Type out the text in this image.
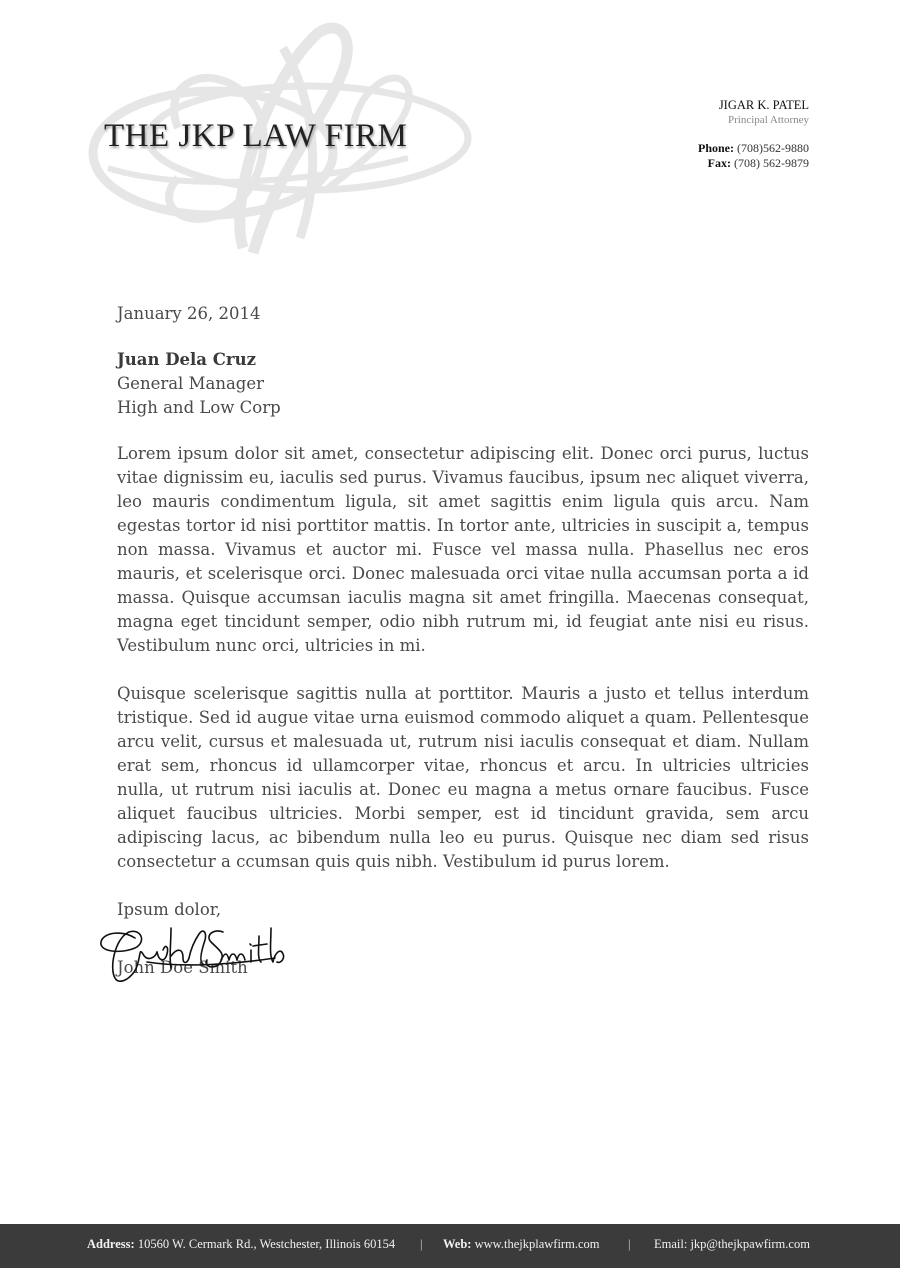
THE JKP LAW FIRM
JIGAR K. PATEL
Principal Attorney
Phone: (708)562-9880
Fax: (708) 562-9879

January 26, 2014

Juan Dela Cruz

General Manager

High and Low Corp

Lorem ipsum dolor sit amet, consectetur adipiscing elit. Donec orci purus, luctus vitae dignissim eu, iaculis sed purus. Vivamus faucibus, ipsum nec aliquet viverra, leo mauris condimentum ligula, sit amet sagittis enim ligula quis arcu. Nam egestas tortor id nisi porttitor mattis. In tortor ante, ultricies in suscipit a, tempus non massa. Vivamus et auctor mi. Fusce vel massa nulla. Phasellus nec eros mauris, et scelerisque orci. Donec malesuada orci vitae nulla accumsan porta a id massa. Quisque accumsan iaculis magna sit amet fringilla. Maecenas consequat, magna eget tincidunt semper, odio nibh rutrum mi, id feugiat ante nisi eu risus. Vestibulum nunc orci, ultricies in mi.

Quisque scelerisque sagittis nulla at porttitor. Mauris a justo et tellus interdum tristique. Sed id augue vitae urna euismod commodo aliquet a quam. Pellentesque arcu velit, cursus et malesuada ut, rutrum nisi iaculis consequat et diam. Nullam erat sem, rhoncus id ullamcorper vitae, rhoncus et arcu. In ultricies ultricies nulla, ut rutrum nisi iaculis at. Donec eu magna a metus ornare faucibus. Fusce aliquet faucibus ultricies. Morbi semper, est id tincidunt gravida, sem arcu adipiscing lacus, ac bibendum nulla leo eu purus. Quisque nec diam sed risus consectetur a ccumsan quis quis nibh. Vestibulum id purus lorem.

Ipsum dolor,

John Doe Smith
Address: 10560 W. Cermark Rd., Westchester, Illinois 60154 | Web: www.thejkplawfirm.com | Email: jkp@thejkpawfirm.com
